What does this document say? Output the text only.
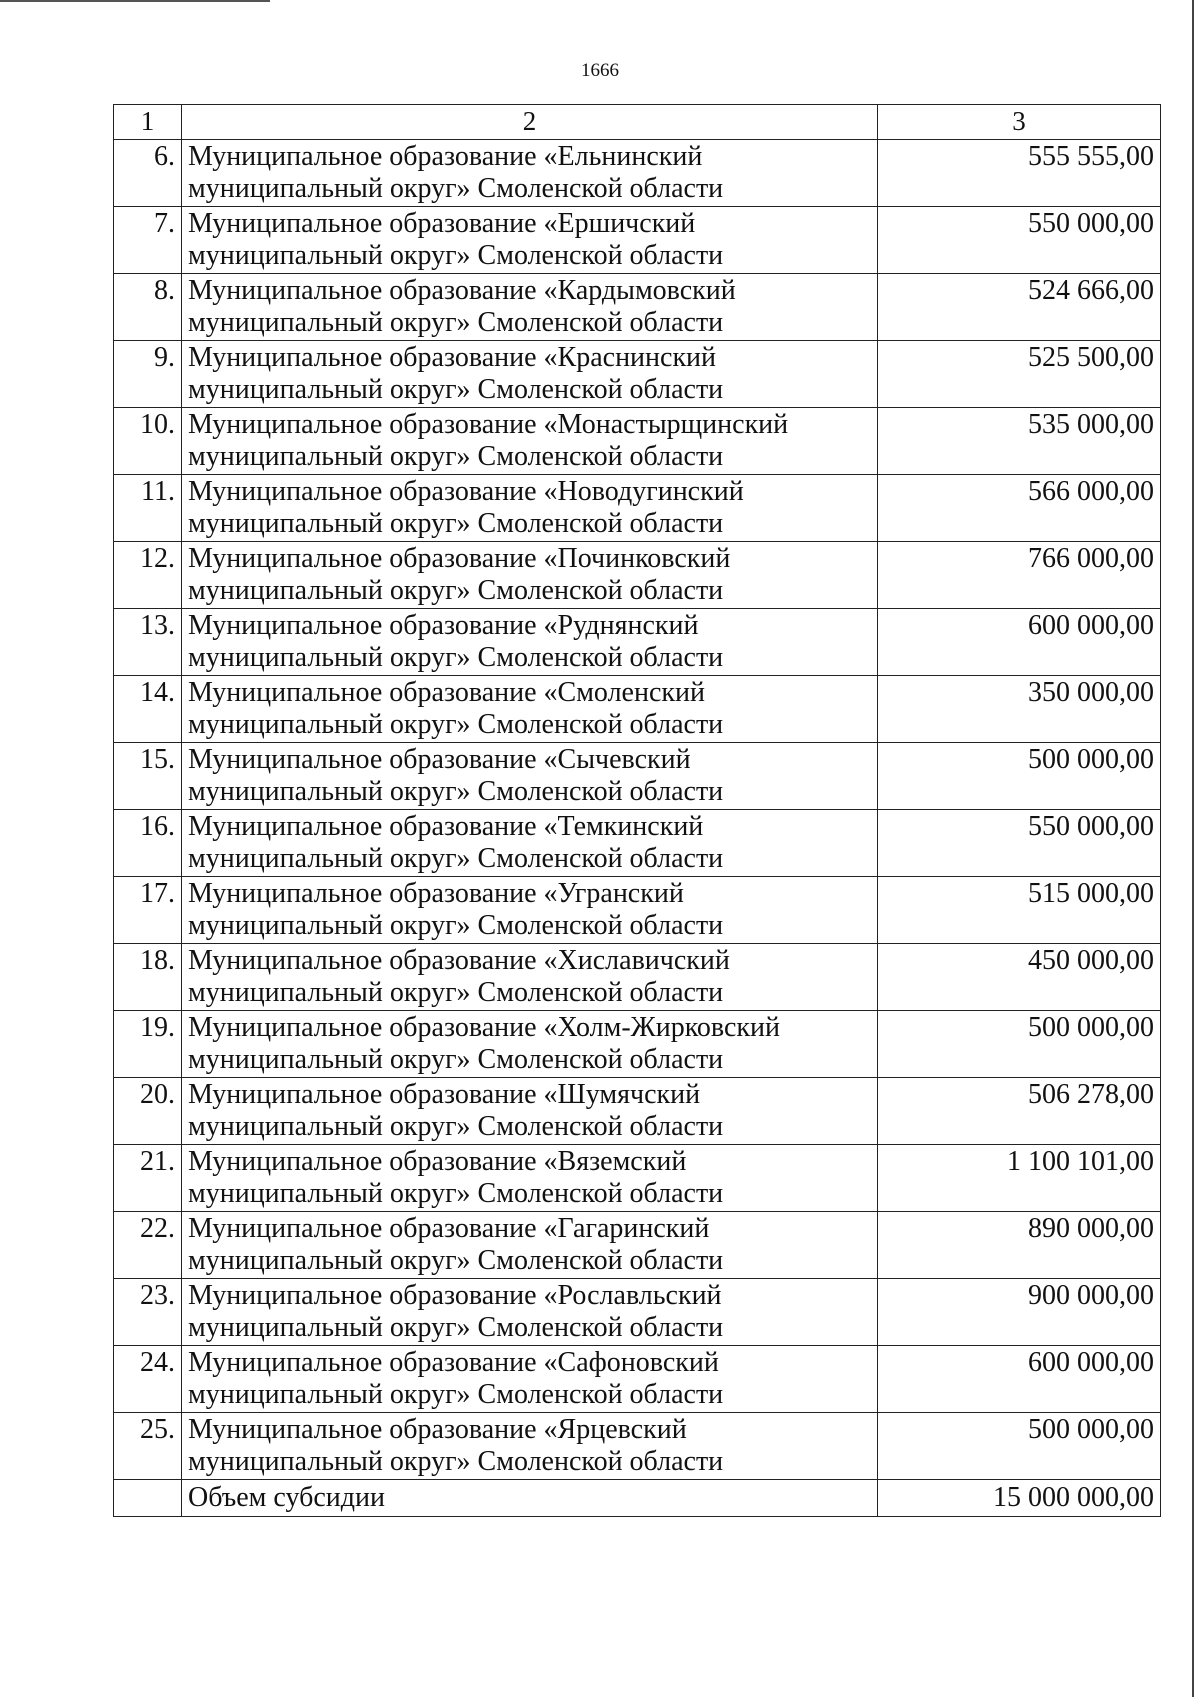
1666
1	2	3
6.	Муниципальное образование «Ельнинский
муниципальный округ» Смоленской области	555 555,00
7.	Муниципальное образование «Ершичский
муниципальный округ» Смоленской области	550 000,00
8.	Муниципальное образование «Кардымовский
муниципальный округ» Смоленской области	524 666,00
9.	Муниципальное образование «Краснинский
муниципальный округ» Смоленской области	525 500,00
10.	Муниципальное образование «Монастырщинский
муниципальный округ» Смоленской области	535 000,00
11.	Муниципальное образование «Новодугинский
муниципальный округ» Смоленской области	566 000,00
12.	Муниципальное образование «Починковский
муниципальный округ» Смоленской области	766 000,00
13.	Муниципальное образование «Руднянский
муниципальный округ» Смоленской области	600 000,00
14.	Муниципальное образование «Смоленский
муниципальный округ» Смоленской области	350 000,00
15.	Муниципальное образование «Сычевский
муниципальный округ» Смоленской области	500 000,00
16.	Муниципальное образование «Темкинский
муниципальный округ» Смоленской области	550 000,00
17.	Муниципальное образование «Угранский
муниципальный округ» Смоленской области	515 000,00
18.	Муниципальное образование «Хиславичский
муниципальный округ» Смоленской области	450 000,00
19.	Муниципальное образование «Холм-Жирковский
муниципальный округ» Смоленской области	500 000,00
20.	Муниципальное образование «Шумячский
муниципальный округ» Смоленской области	506 278,00
21.	Муниципальное образование «Вяземский
муниципальный округ» Смоленской области	1 100 101,00
22.	Муниципальное образование «Гагаринский
муниципальный округ» Смоленской области	890 000,00
23.	Муниципальное образование «Рославльский
муниципальный округ» Смоленской области	900 000,00
24.	Муниципальное образование «Сафоновский
муниципальный округ» Смоленской области	600 000,00
25.	Муниципальное образование «Ярцевский
муниципальный округ» Смоленской области	500 000,00
	Объем субсидии	15 000 000,00
